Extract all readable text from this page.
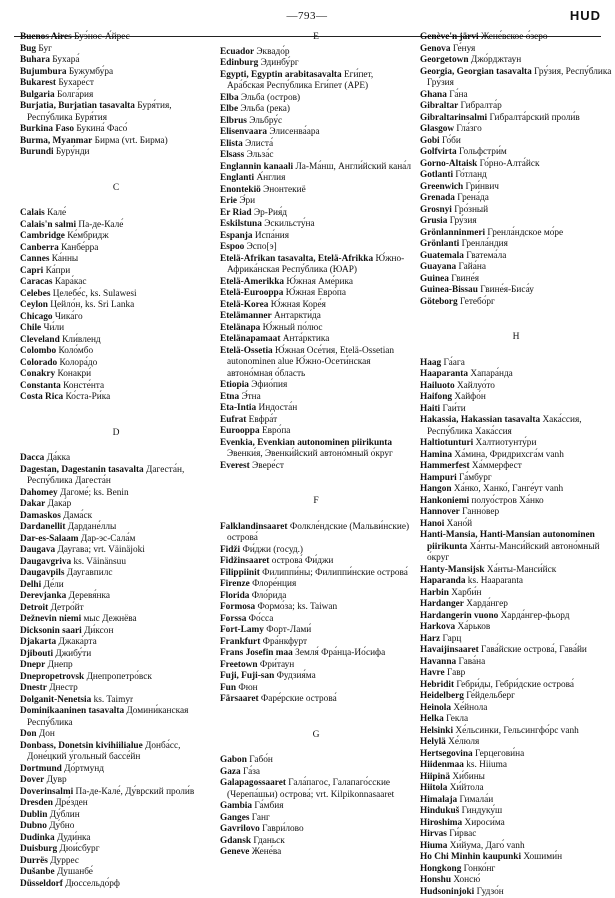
—793—	HUD
Buenos Aires Буэ́нос-А́йрес
Bug Буг
Buhara Бухара́
Bujumbura Бужумбу́ра
Bukarest Бухаре́ст
Bulgaria Болга́рия
Burjatia, Burjatian tasavalta Буря́тия, Респу́блика Буря́тия
Burkina Faso Букина́ Фасо́
Burma, Myanmar Бирма (vrt. Бирма)
Burundi Буру́нди
C
Calais Кале́
Calais'n salmi Па-де-Кале́
Cambridge Ке́мбридж
Canberra Канбе́рра
Cannes Ка́нны
Capri Ка́при
Caracas Кара́кас
Celebes Целебе́с, ks. Sulawesi
Ceylon Цейло́н, ks. Sri Lanka
Chicago Чика́го
Chile Чи́ли
Cleveland Кли́вленд
Colombo Коло́мбо
Colorado Колора́до
Conakry Конакри́
Constanta Консте́нта
Costa Rica Ко́ста-Ри́ка
D
Dacca Да́кка
Dagestan, Dagestanin tasavalta Дагеста́н, Респу́блика Дагеста́н
Dahomey Дагоме́; ks. Benin
Dakar Дака́р
Damaskos Дама́ск
Dardanellit Дардане́ллы
Dar-es-Salaam Дар-эс-Сала́м
Daugava Даугава; vrt. Väinäjoki
Daugavgriva ks. Väinänsuu
Daugavpils Даугавпилс
Delhi Де́ли
Derevjanka Деревя́нка
Detroit Детро́йт
Dežnevin niemi мыс Дежнёва
Dicksonin saari Ди́ксон
Djakarta Джака́рта
Djibouti Джибу́ти
Dnepr Днепр
Dnepropetrovsk Днепропетро́вск
Dnestr Днестр
Dolganit-Nenetsia ks. Taimyr
Dominikaaninen tasavalta Домини́канская Респу́блика
Don Дон
Donbass, Donetsin kivihiilialue Донба́сс, Доне́цкий у́гольный бассе́йн
Dortmund До́ртмунд
Dover Дувр
Doverinsalmi Па-де-Кале́, Ду́врский проли́в
Dresden Дре́зден
Dublin Ду́блин
Dubno Ду́бно
Dudinka Дуди́нка
Duisburg Дюи́сбург
Durrës Дуррес
Dušanbe Душанбе́
Düsseldorf Дюссельдо́рф
E
Ecuador Эквадо́р
Edinburg Эдинбу́рг
Egypti, Egyptin arabitasavalta Еги́пет, Ара́бская Респу́блика Еги́пет (АРЕ)
Elba Эльба (остров)
Elbe Эльба (река)
Elbrus Эльбру́с
Elisenvaara Элисенва́ара
Elista Элиста́
Elsass Эльза́с
Englannin kanaali Ла-Ма́нш, Англи́йский кана́л
Englanti А́нглия
Enontekiö Энонтекиё
Erie Э́ри
Er Riad Эр-Рия́д
Eskilstuna Эскильсту́на
Espanja Испа́ния
Espoo Эспо[э]
Etelä-Afrikan tasavalta, Etelä-Afrikka Ю́жно-Африка́нская Респу́блика (ЮАР)
Etelä-Amerikka Ю́жная Аме́рика
Etelä-Eurooppa Ю́жная Евро́па
Etelä-Korea Ю́жная Коре́я
Etelämanner Антаркти́да
Etelänapa Ю́жный по́люс
Etelänapamaat Анта́рктика
Etelä-Ossetia Ю́жная Осе́тия, Etelä-Ossetian autonominen alue Ю́жно-Осети́нская автоно́мная о́бласть
Etiopia Эфио́пия
Etna Э́тна
Eta-Intia Индоста́н
Eufrat Евфра́т
Eurooppa Евро́па
Evenkia, Evenkian autonominen piirikunta Эвенки́я, Эвенки́йский автоно́мный о́круг
Everest Эвере́ст
F
Falklandinsaaret Фолкле́ндские (Мальви́нские) острова́
Fidži Фи́джи (госуд.)
Fidžinsaaret острова́ Фи́джи
Filippiinit Филиппи́ны; Филиппи́нские острова́
Firenze Флоре́нция
Florida Фло́рида
Formosa Формо́за; ks. Taiwan
Forssa Фо́сса
Fort-Lamy Форт-Лами́
Frankfurt Фра́нкфурт
Frans Josefin maa Земля́ Фра́нца-Ио́сифа
Freetown Фри́таун
Fuji, Fuji-san Фудзия́ма
Fun Фюн
Färsaaret Фаре́рские острова́
G
Gabon Габо́н
Gaza Га́за
Galapagossaaret Гала́пагос, Галапаго́сские (Черепа́шьи) острова́; vrt. Kilpikonnasaaret
Gambia Га́мбия
Ganges Ганг
Gavrilovo Гаври́лово
Gdansk Гданьск
Geneve Жене́ва
Genève'n järvi Жене́вское о́зеро
Genova Ге́нуя
Georgetown Джо́рджтаун
Georgia, Georgian tasavalta Гру́зия, Респу́блика Гру́зия
Ghana Га́на
Gibraltar Гибралта́р
Gibraltarinsalmi Гибралта́рский проли́в
Glasgow Гла́зго
Gobi Го́би
Golfvirta Гольфстри́м
Gorno-Altaisk Го́рно-Алта́йск
Gotlanti Го́тланд
Greenwich Гри́нвич
Grenada Грена́да
Grosnyi Гро́зный
Grusia Гру́зия
Grönlanninmeri Гренла́ндское мо́ре
Grönlanti Гренла́ндия
Guatemala Гватема́ла
Guayana Гайа́на
Guinea Гвине́я
Guinea-Bissau Гвине́я-Биса́у
Göteborg Гетебо́рг
H
Haag Га́ага
Haaparanta Хапара́нда
Hailuoto Хайлуо́то
Haifong Хайфо́н
Haiti Гаи́ти
Hakassia, Hakassian tasavalta Хака́ссия, Респу́блика Хака́ссия
Haltiotunturi Халтиотунту́ри
Hamina Ха́мина, Фридрихсга́м vanh
Hammerfest Ха́ммерфест
Hampuri Га́мбург
Hangon Ха́нко, Ханко́, Ганге́ут vanh
Hankoniemi полуо́стров Ха́нко
Hannover Ганно́вер
Hanoi Хано́й
Hanti-Mansia, Hanti-Mansian autonominen piirikunta Ха́нты-Манси́йский автоно́мный о́круг
Hanty-Mansijsk Ха́нты-Манси́йск
Haparanda ks. Haaparanta
Harbin Харби́н
Hardanger Харда́нгер
Hardangerin vuono Харда́нгер-фьорд
Harkova Ха́рьков
Harz Гарц
Havaijinsaaret Гава́йские острова́, Гава́йи
Havanna Гава́на
Havre Гавр
Hebridit Гебри́ды, Гебри́дские острова́
Heidelberg Ге́йдельберг
Heinola Хе́йнола
Helka Гекла
Helsinki Хе́льсинки, Гельсингфо́рс vanh
Helylä Хе́люля
Hertsegovina Герцегови́на
Hiidenmaa ks. Hiiuma
Hiipinä Хи́бины
Hiitola Хи́йтола
Himalaja Гимала́и
Hindukuš Гиндуку́ш
Hiroshima Хироси́ма
Hirvas Ги́рвас
Hiuma Хи́йума, Даго́ vanh
Ho Chi Minhin kaupunki Хошими́н
Hongkong Гонко́нг
Honshu Хонсю́
Hudsoninjoki Гудзо́н
